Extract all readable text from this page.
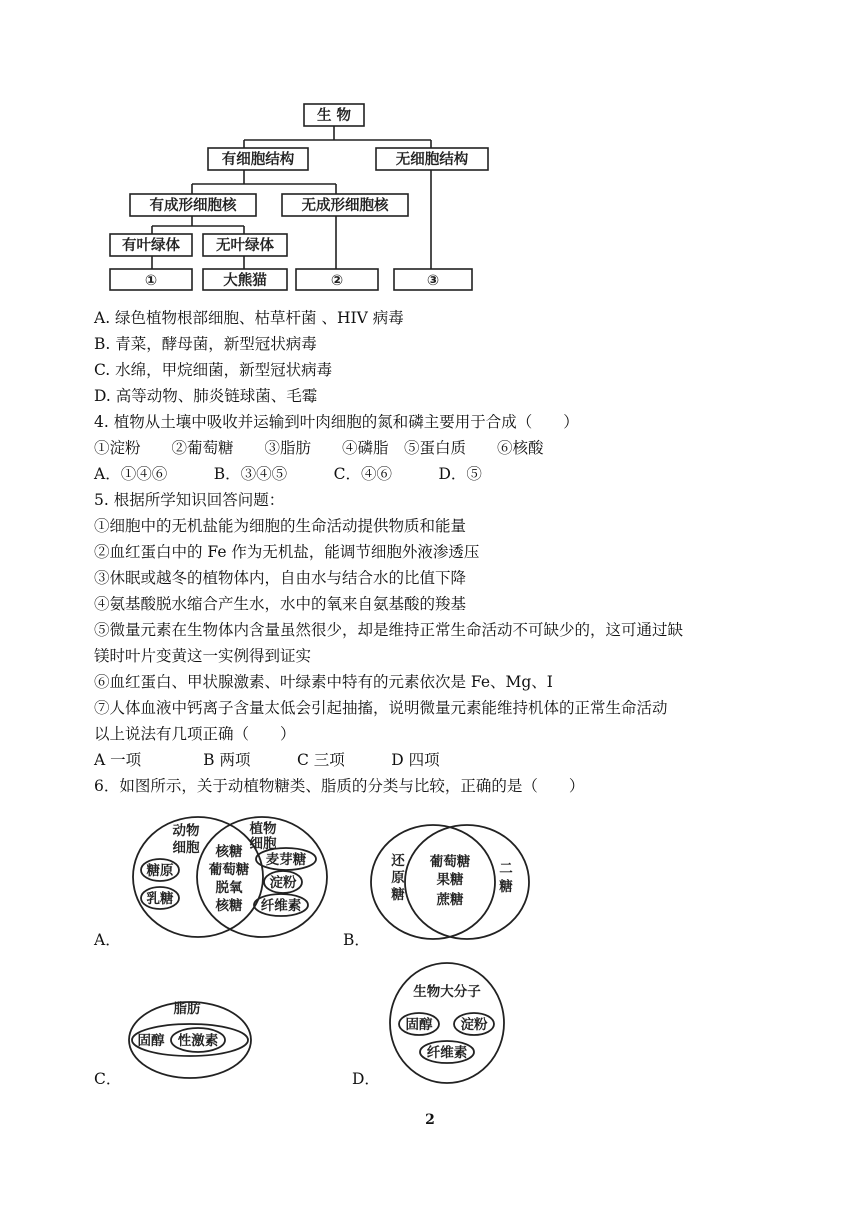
生 物
有细胞结构	无细胞结构
有成形细胞核	无成形细胞核
有叶绿体 无叶绿体
①	大熊猫	②	③
A. 绿色植物根部细胞、枯草杆菌 、HIV 病毒
B. 青菜，酵母菌，新型冠状病毒
C. 水绵，甲烷细菌，新型冠状病毒
D. 高等动物、肺炎链球菌、毛霉
4. 植物从土壤中吸收并运输到叶肉细胞的氮和磷主要用于合成（　　）
①淀粉　　②葡萄糖　　③脂肪　　④磷脂　⑤蛋白质　　⑥核酸
A．①④⑥　　　B．③④⑤　　　C．④⑥　　　D．⑤
5. 根据所学知识回答问题：
①细胞中的无机盐能为细胞的生命活动提供物质和能量
②血红蛋白中的 Fe 作为无机盐，能调节细胞外液渗透压
③休眠或越冬的植物体内，自由水与结合水的比值下降
④氨基酸脱水缩合产生水，水中的氧来自氨基酸的羧基
⑤微量元素在生物体内含量虽然很少，却是维持正常生命活动不可缺少的，这可通过缺
镁时叶片变黄这一实例得到证实
⑥血红蛋白、甲状腺激素、叶绿素中特有的元素依次是 Fe、Mg、I
⑦人体血液中钙离子含量太低会引起抽搐，说明微量元素能维持机体的正常生命活动
以上说法有几项正确（　　）
A 一项　　　　B 两项　　　C 三项　　　D 四项
6．如图所示，关于动植物糖类、脂质的分类与比较，正确的是（　　）
动物
细胞
植物
细胞
糖原
乳糖
核糖
葡萄糖
脱氧
核糖
麦芽糖
淀粉
纤维素
还
原
糖
葡萄糖
果糖
蔗糖
二
糖
脂肪
固醇 性激素
生物大分子
固醇 淀粉
纤维素
A．	B．
C．	D．
2
